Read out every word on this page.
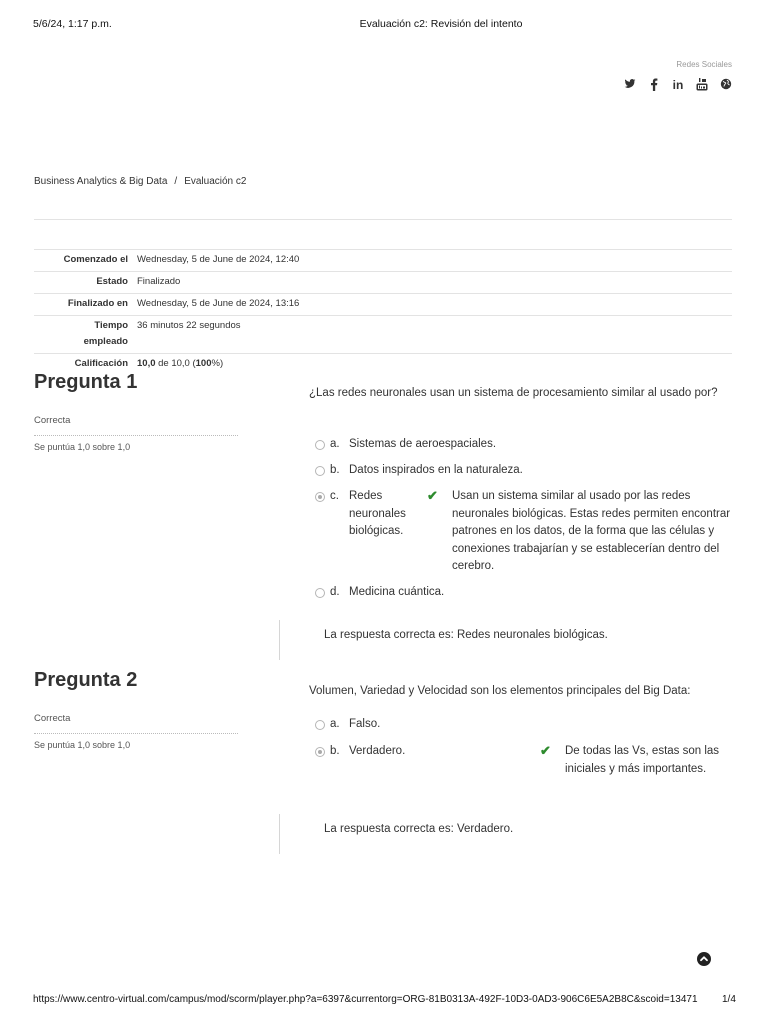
5/6/24, 1:17 p.m.	Evaluación c2: Revisión del intento
Redes Sociales
in
Business Analytics & Big Data / Evaluación c2
Comenzado el	Wednesday, 5 de June de 2024, 12:40
Estado	Finalizado
Finalizado en	Wednesday, 5 de June de 2024, 13:16
Tiempo
empleado	36 minutos 22 segundos
Calificación	10,0 de 10,0 (100%)
Pregunta 1
Correcta
Se puntúa 1,0 sobre 1,0
¿Las redes neuronales usan un sistema de procesamiento similar al usado por?
a. Sistemas de aeroespaciales.
b. Datos inspirados en la naturaleza.
c. Redes neuronales biológicas.
✔ Usan un sistema similar al usado por las redes neuronales biológicas. Estas redes permiten encontrar patrones en los datos, de la forma que las células y conexiones trabajarían y se establecerían dentro del cerebro.
d. Medicina cuántica.
La respuesta correcta es: Redes neuronales biológicas.
Pregunta 2
Correcta
Se puntúa 1,0 sobre 1,0
Volumen, Variedad y Velocidad son los elementos principales del Big Data:
a. Falso.
b. Verdadero.	✔ De todas las Vs, estas son las iniciales y más importantes.
La respuesta correcta es: Verdadero.
https://www.centro-virtual.com/campus/mod/scorm/player.php?a=6397&currentorg=ORG-81B0313A-492F-10D3-0AD3-906C6E5A2B8C&scoid=13471 1/4
